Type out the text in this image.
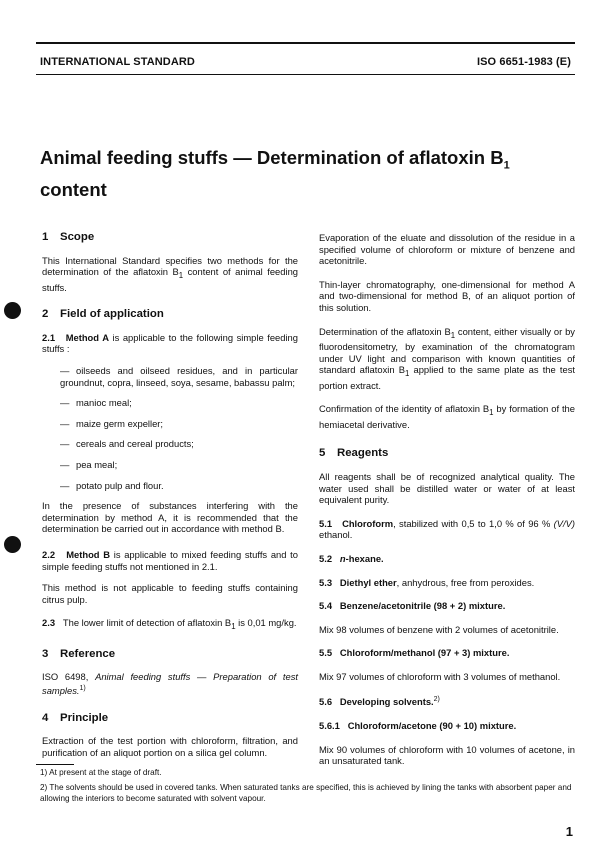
INTERNATIONAL STANDARD	ISO 6651-1983 (E)
Animal feeding stuffs — Determination of aflatoxin $B_1$
content
1 Scope

This International Standard specifies two methods for the determination of the aflatoxin $B_1$ content of animal feeding stuffs.

2 Field of application

2.1 Method A is applicable to the following simple feeding stuffs :

— oilseeds and oilseed residues, and in particular groundnut, copra, linseed, soya, sesame, babassu palm;
— manioc meal;
— maize germ expeller;
— cereals and cereal products;
— pea meal;
— potato pulp and flour.

In the presence of substances interfering with the determination by method A, it is recommended that the determination be carried out in accordance with method B.

2.2 Method B is applicable to mixed feeding stuffs and to simple feeding stuffs not mentioned in 2.1.

This method is not applicable to feeding stuffs containing citrus pulp.

2.3 The lower limit of detection of aflatoxin $B_1$ is 0,01 mg/kg.

3 Reference

ISO 6498, Animal feeding stuffs — Preparation of test samples.$^{1)}$

4 Principle

Extraction of the test portion with chloroform, filtration, and purification of an aliquot portion on a silica gel column.

Evaporation of the eluate and dissolution of the residue in a specified volume of chloroform or mixture of benzene and acetonitrile.

Thin-layer chromatography, one-dimensional for method A and two-dimensional for method B, of an aliquot portion of this solution.

Determination of the aflatoxin $B_1$ content, either visually or by fluorodensitometry, by examination of the chromatogram under UV light and comparison with known quantities of standard aflatoxin $B_1$ applied to the same plate as the test portion extract.

Confirmation of the identity of aflatoxin $B_1$ by formation of the hemiacetal derivative.

5 Reagents

All reagents shall be of recognized analytical quality. The water used shall be distilled water or water of at least equivalent purity.

5.1 Chloroform, stabilized with 0,5 to 1,0 % of 96 % (V/V) ethanol.

5.2 n-hexane.

5.3 Diethyl ether, anhydrous, free from peroxides.

5.4 Benzene/acetonitrile (98 + 2) mixture.

Mix 98 volumes of benzene with 2 volumes of acetonitrile.

5.5 Chloroform/methanol (97 + 3) mixture.

Mix 97 volumes of chloroform with 3 volumes of methanol.

5.6 Developing solvents.$^{2)}$

5.6.1 Chloroform/acetone (90 + 10) mixture.

Mix 90 volumes of chloroform with 10 volumes of acetone, in an unsaturated tank.

1) At present at the stage of draft.
2) The solvents should be used in covered tanks. When saturated tanks are specified, this is achieved by lining the tanks with absorbent paper and allowing the interiors to become saturated with solvent vapour.
1
